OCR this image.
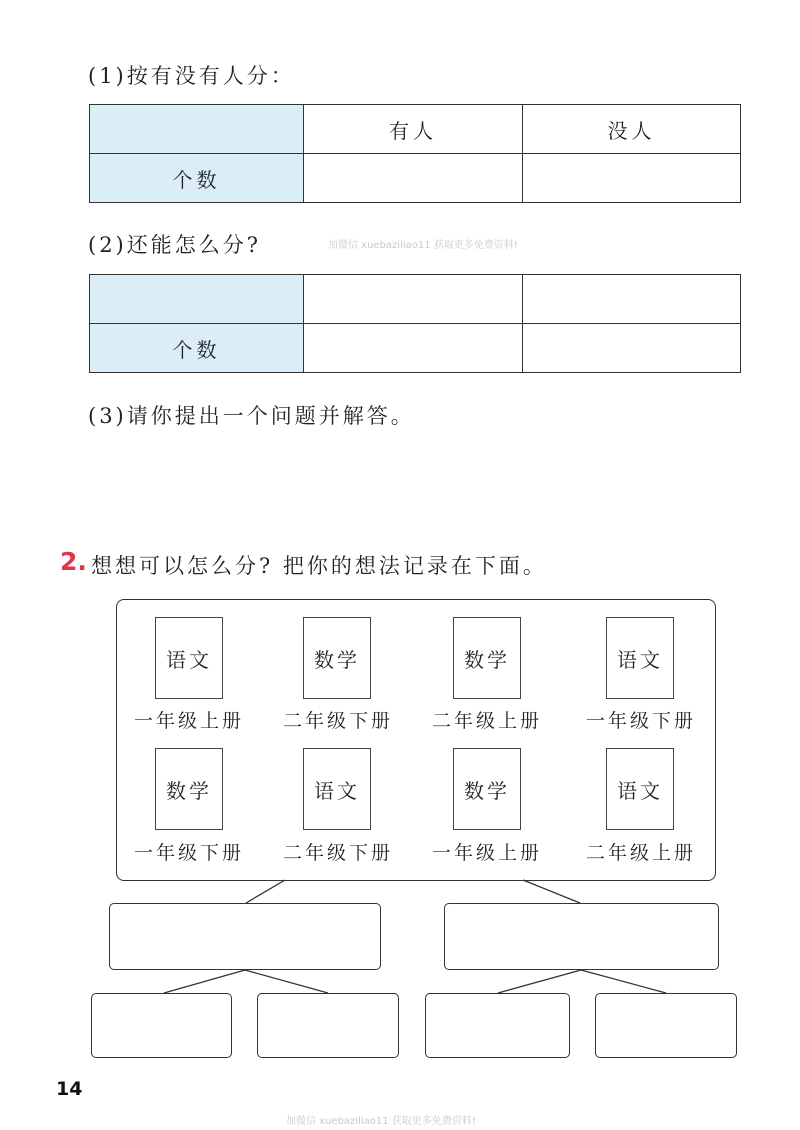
(1)按有没有人分：
	有人	没人
个数		
(2)还能怎么分?	加微信 xuebaziliao11 获取更多免费资料!

个数		
(3)请你提出一个问题并解答。
2. 想想可以怎么分? 把你的想法记录在下面。
语文
一年级上册
数学
二年级下册
数学
二年级上册
语文
一年级下册
数学
一年级下册
语文
二年级下册
数学
一年级上册
语文
二年级上册
14
加微信 xuebaziliao11 获取更多免费资料!
